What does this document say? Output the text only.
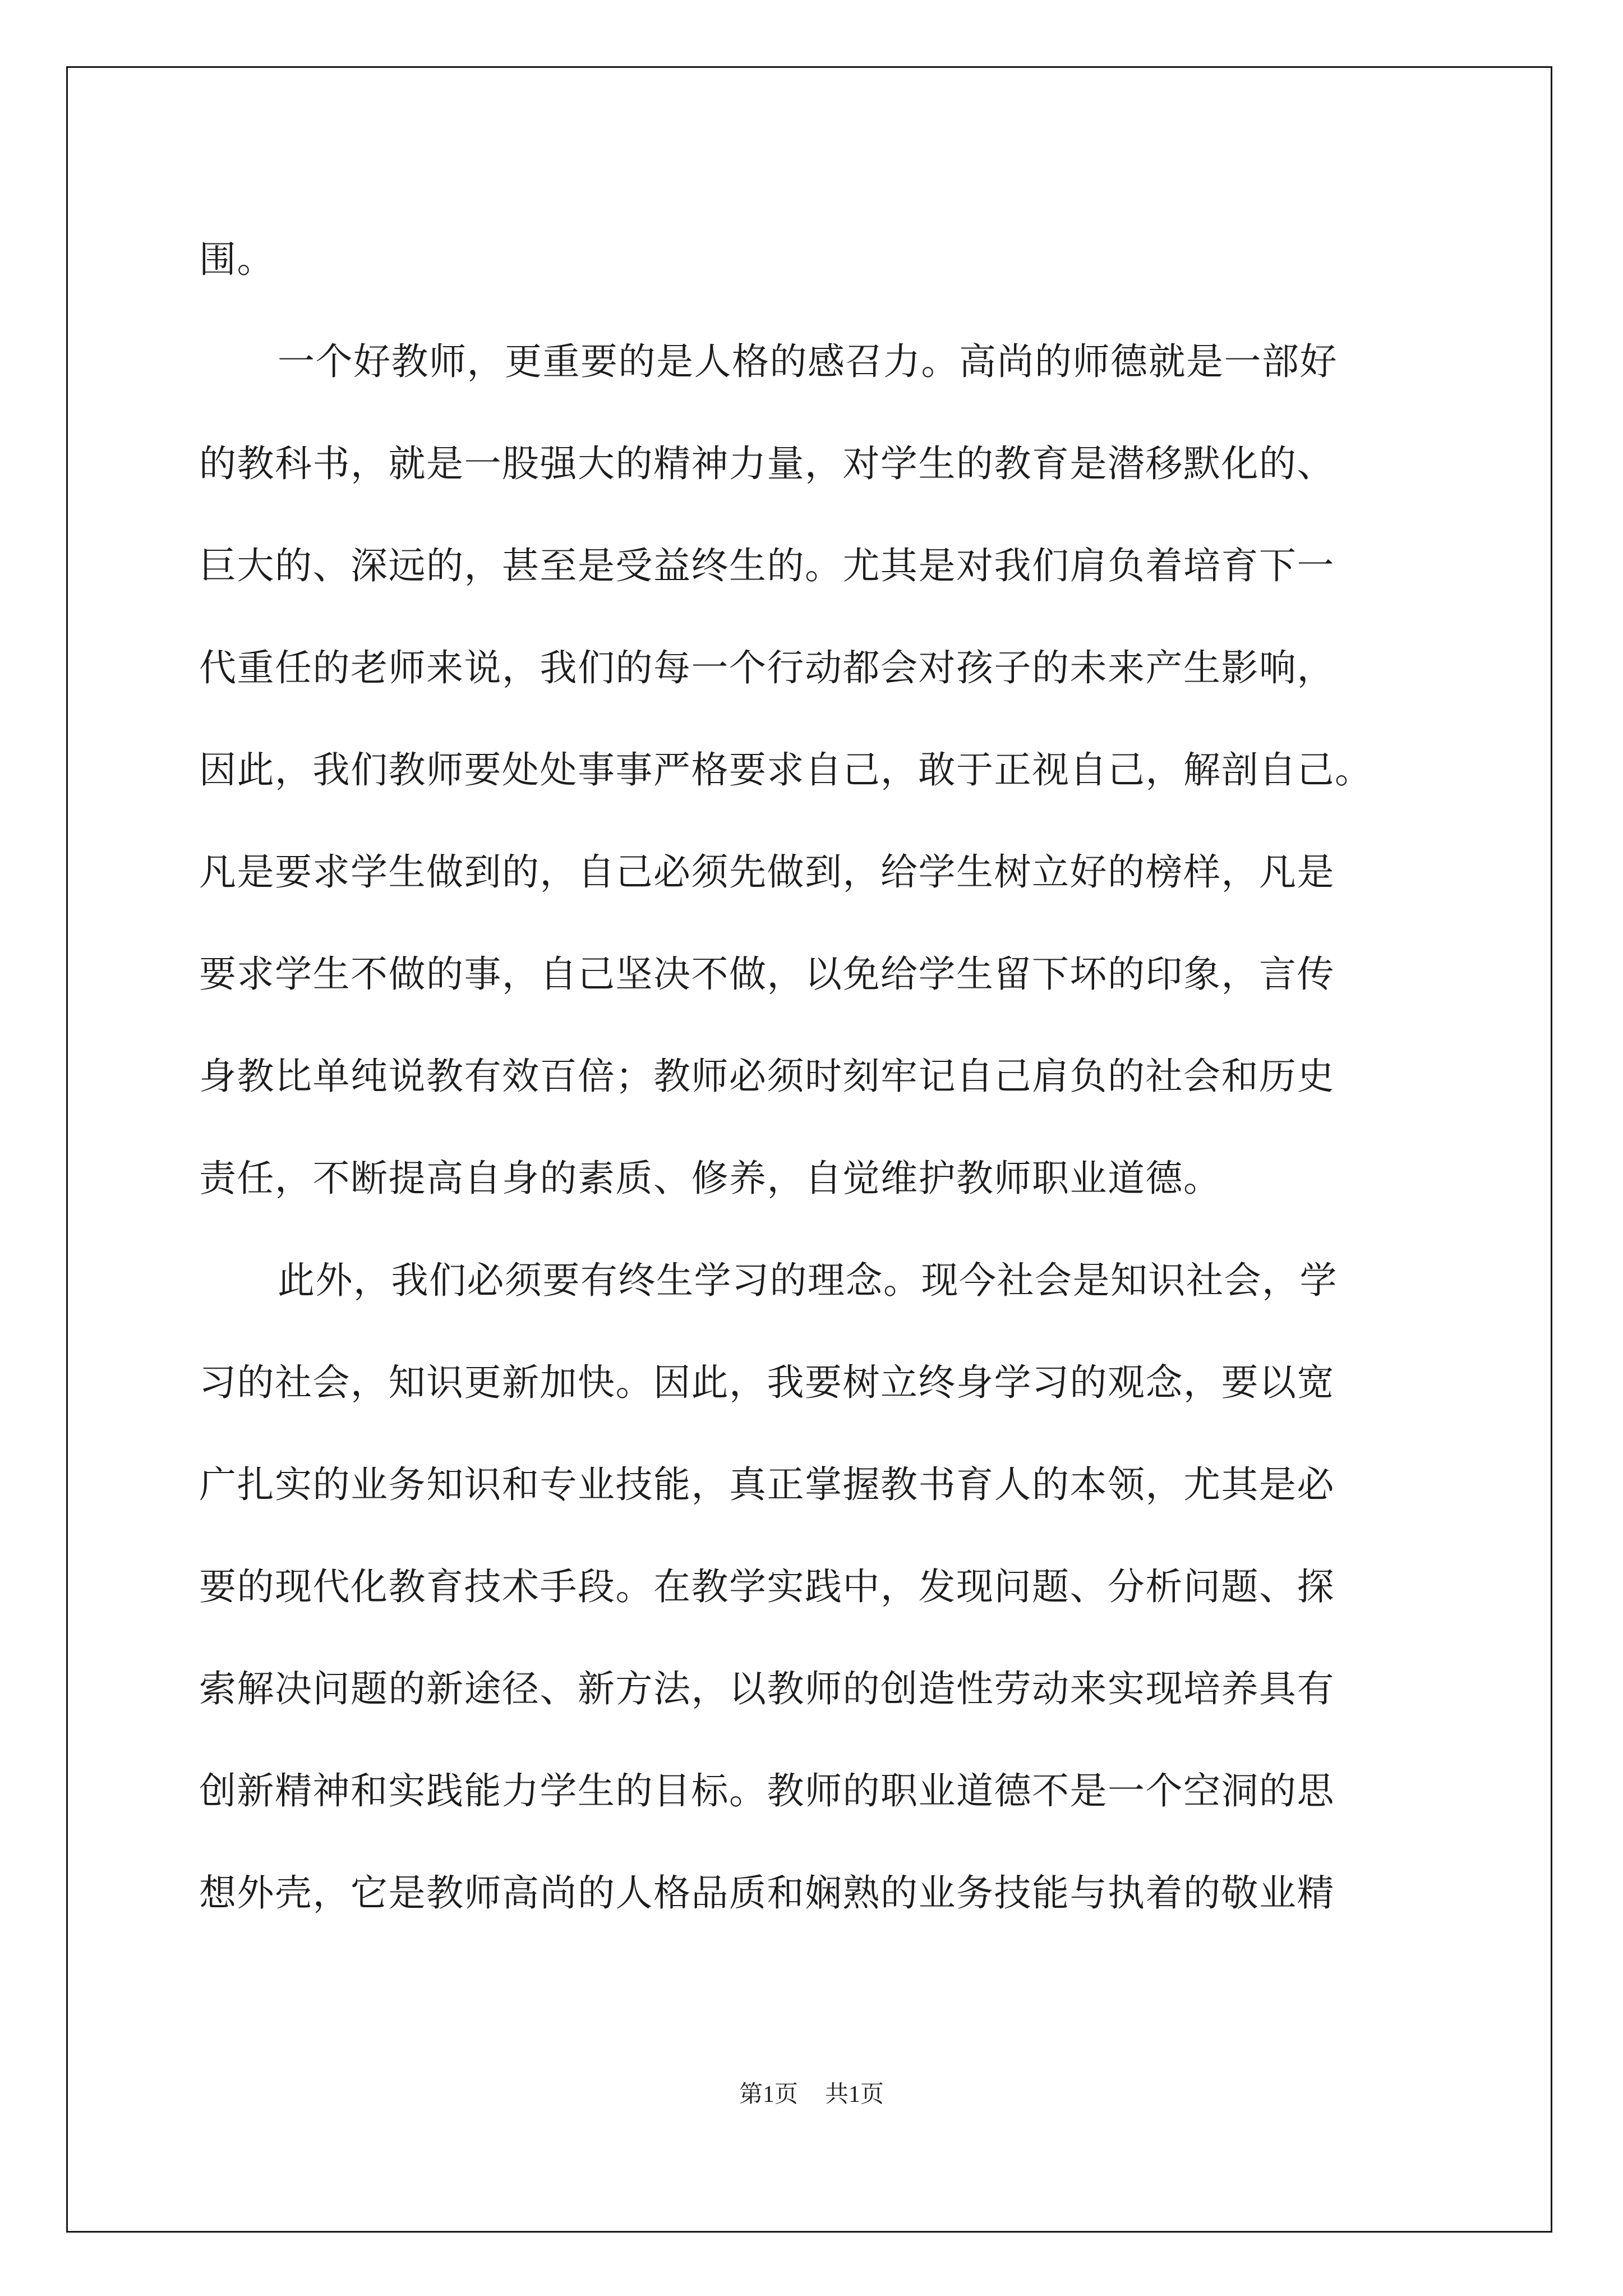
围。
一个好教师，更重要的是人格的感召力。高尚的师德就是一部好
的教科书，就是一股强大的精神力量，对学生的教育是潜移默化的、
巨大的、深远的，甚至是受益终生的。尤其是对我们肩负着培育下一
代重任的老师来说，我们的每一个行动都会对孩子的未来产生影响，
因此，我们教师要处处事事严格要求自己，敢于正视自己，解剖自己。
凡是要求学生做到的，自己必须先做到，给学生树立好的榜样，凡是
要求学生不做的事，自己坚决不做，以免给学生留下坏的印象，言传
身教比单纯说教有效百倍；教师必须时刻牢记自己肩负的社会和历史
责任，不断提高自身的素质、修养，自觉维护教师职业道德。
此外，我们必须要有终生学习的理念。现今社会是知识社会，学
习的社会，知识更新加快。因此，我要树立终身学习的观念，要以宽
广扎实的业务知识和专业技能，真正掌握教书育人的本领，尤其是必
要的现代化教育技术手段。在教学实践中，发现问题、分析问题、探
索解决问题的新途径、新方法，以教师的创造性劳动来实现培养具有
创新精神和实践能力学生的目标。教师的职业道德不是一个空洞的思
想外壳，它是教师高尚的人格品质和娴熟的业务技能与执着的敬业精
第1页 共1页
